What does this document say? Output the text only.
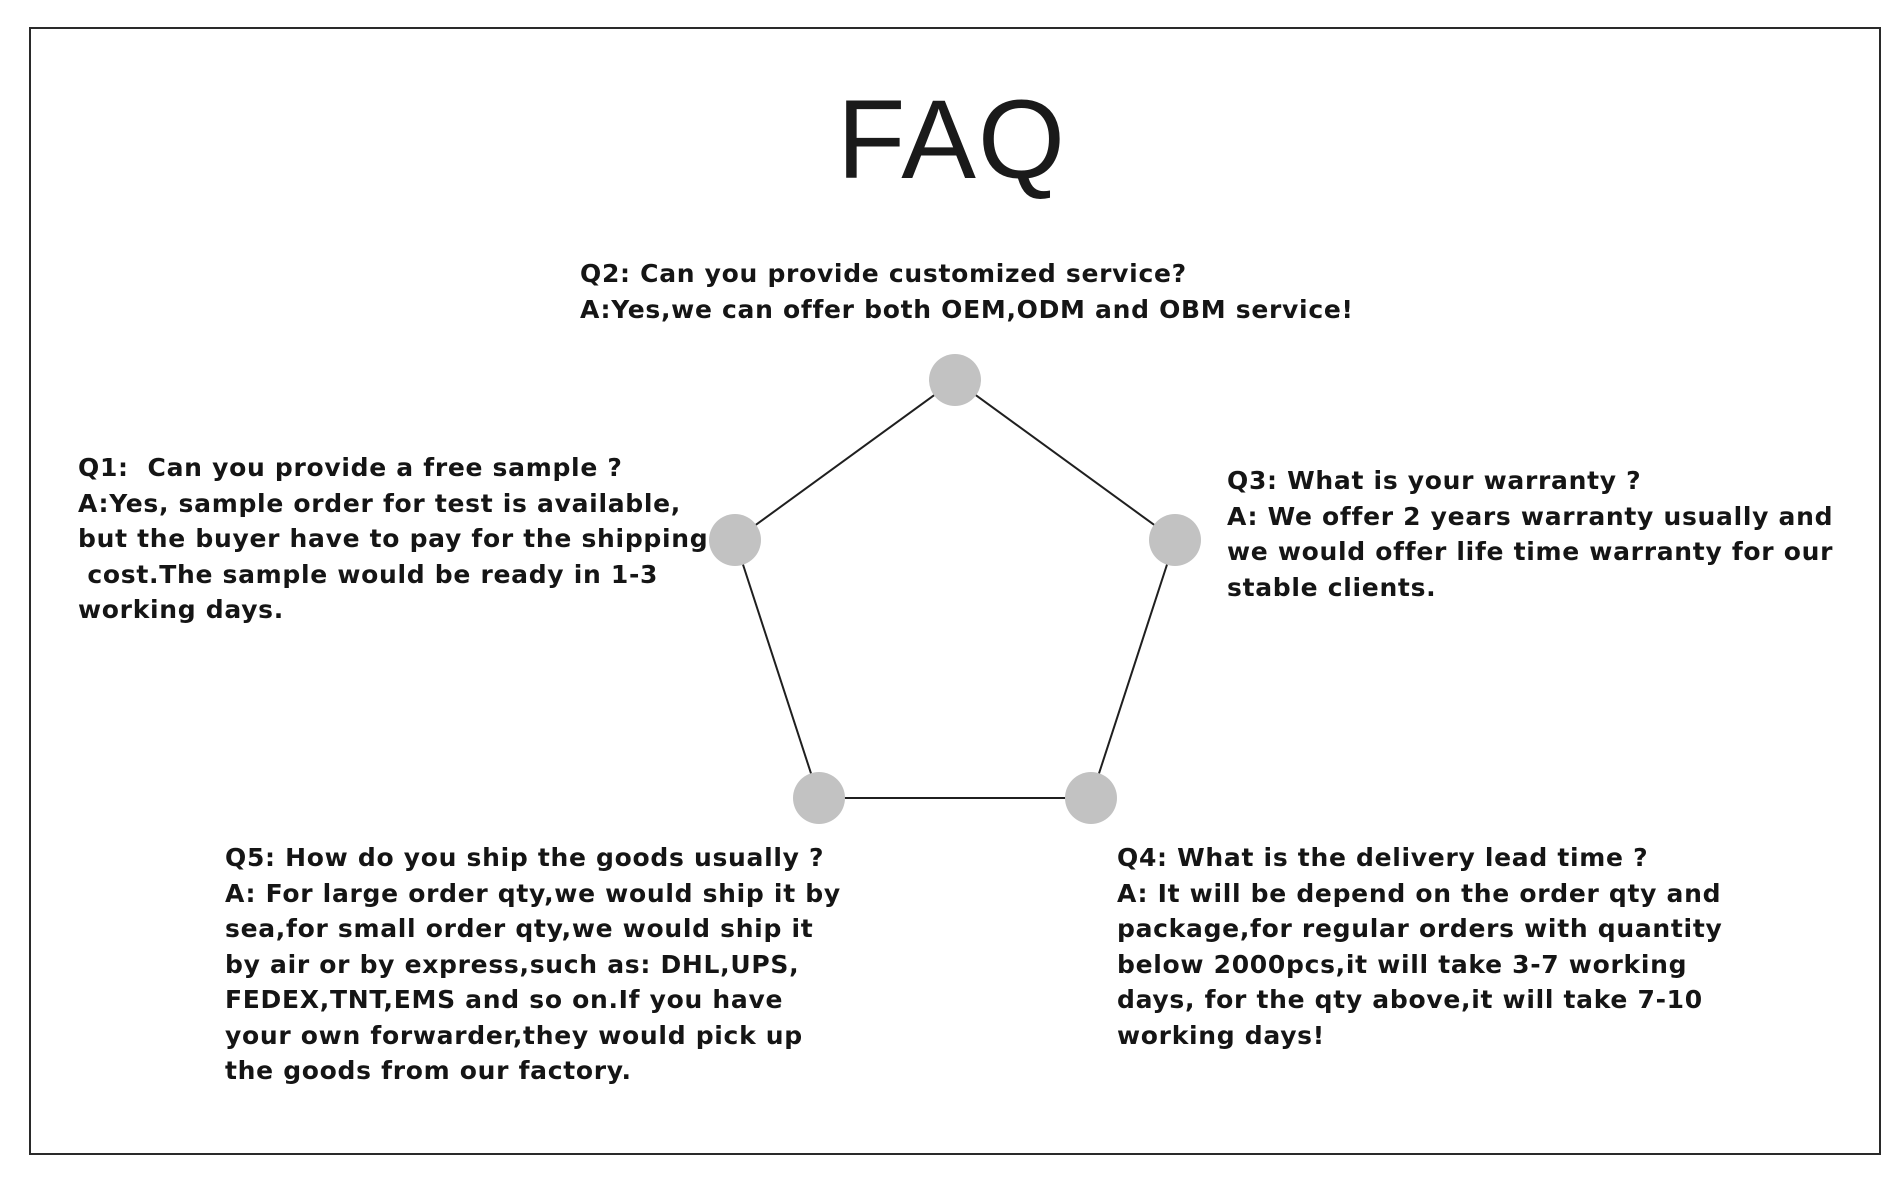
FAQ
Q2: Can you provide customized service?
A:Yes,we can offer both OEM,ODM and OBM service!
Q1:  Can you provide a free sample ?
A:Yes, sample order for test is available,
but the buyer have to pay for the shipping
cost.The sample would be ready in 1-3
working days.
Q3: What is your warranty ?
A: We offer 2 years warranty usually and
we would offer life time warranty for our
stable clients.
Q5: How do you ship the goods usually ?
A: For large order qty,we would ship it by
sea,for small order qty,we would ship it
by air or by express,such as: DHL,UPS,
FEDEX,TNT,EMS and so on.If you have
your own forwarder,they would pick up
the goods from our factory.
Q4: What is the delivery lead time ?
A: It will be depend on the order qty and
package,for regular orders with quantity
below 2000pcs,it will take 3-7 working
days, for the qty above,it will take 7-10
working days!
